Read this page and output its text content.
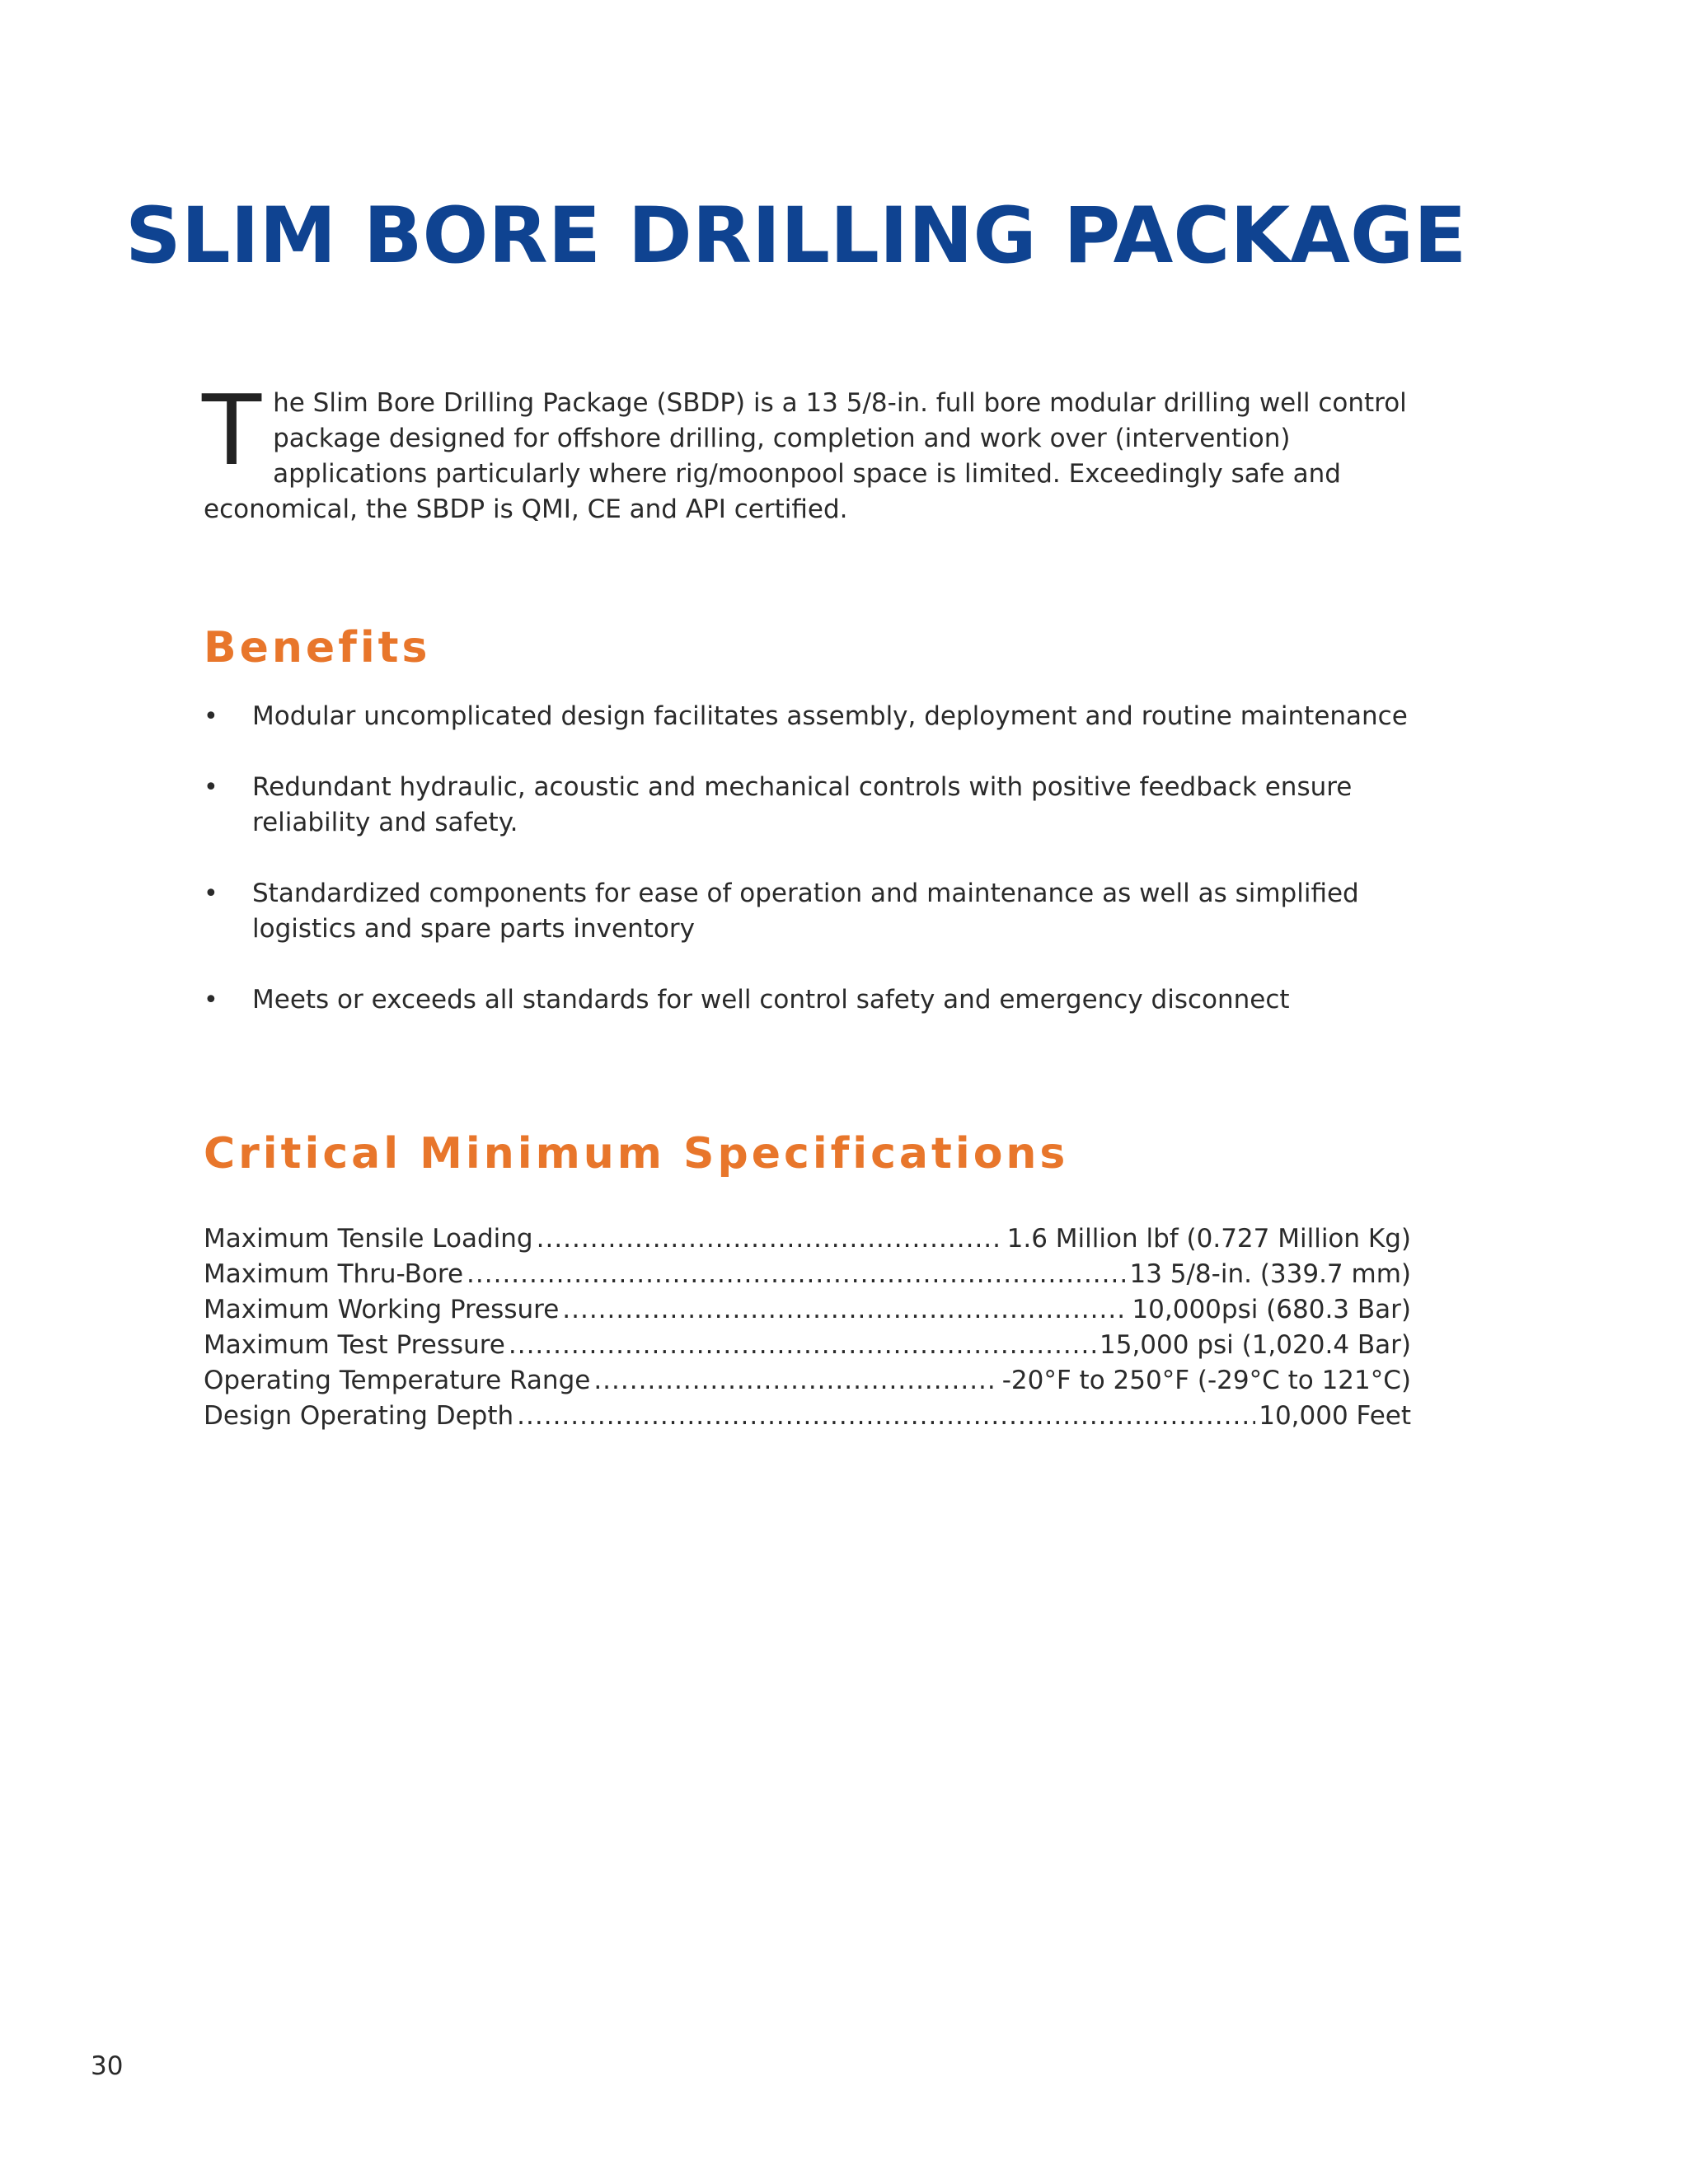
SLIM BORE DRILLING PACKAGE
The Slim Bore Drilling Package (SBDP) is a 13 5/8-in. full bore modular drilling well control package designed for offshore drilling, completion and work over (intervention) applications particularly where rig/moonpool space is limited. Exceedingly safe and economical, the SBDP is QMI, CE and API certified.
Benefits
• Modular uncomplicated design facilitates assembly, deployment and routine maintenance
• Redundant hydraulic, acoustic and mechanical controls with positive feedback ensure reliability and safety.
• Standardized components for ease of operation and maintenance as well as simplified logistics and spare parts inventory
• Meets or exceeds all standards for well control safety and emergency disconnect
Critical Minimum Specifications
Maximum Tensile Loading .....	1.6 Million lbf (0.727 Million Kg)
Maximum Thru-Bore .....	13 5/8-in. (339.7 mm)
Maximum Working Pressure .....	10,000psi (680.3 Bar)
Maximum Test Pressure .....	15,000 psi (1,020.4 Bar)
Operating Temperature Range .....	-20°F to 250°F (-29°C to 121°C)
Design Operating Depth .....	10,000 Feet
30
